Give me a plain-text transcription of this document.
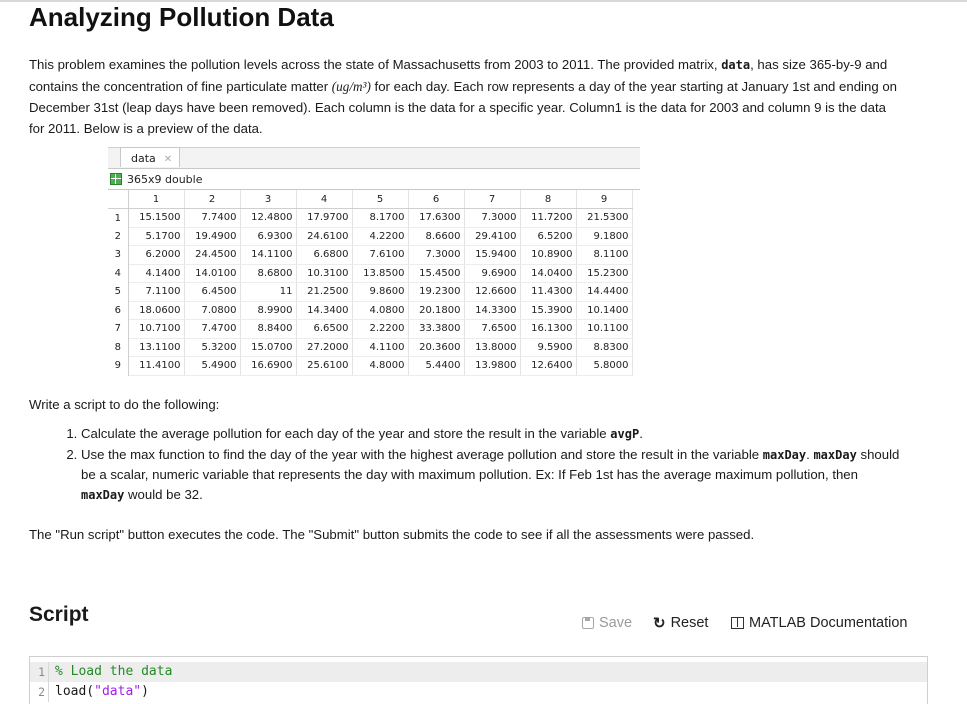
Analyzing Pollution Data

This problem examines the pollution levels across the state of Massachusetts from 2003 to 2011. The provided matrix, data, has size 365-by-9 and contains the concentration of fine particulate matter (ug/m³) for each day. Each row represents a day of the year starting at January 1st and ending on December 31st (leap days have been removed). Each column is the data for a specific year. Column1 is the data for 2003 and column 9 is the data for 2011. Below is a preview of the data.

data ✕
365x9 double
	1	2	3	4	5	6	7	8	9
1	15.1500	7.7400	12.4800	17.9700	8.1700	17.6300	7.3000	11.7200	21.5300
2	5.1700	19.4900	6.9300	24.6100	4.2200	8.6600	29.4100	6.5200	9.1800
3	6.2000	24.4500	14.1100	6.6800	7.6100	7.3000	15.9400	10.8900	8.1100
4	4.1400	14.0100	8.6800	10.3100	13.8500	15.4500	9.6900	14.0400	15.2300
5	7.1100	6.4500	11	21.2500	9.8600	19.2300	12.6600	11.4300	14.4400
6	18.0600	7.0800	8.9900	14.3400	4.0800	20.1800	14.3300	15.3900	10.1400
7	10.7100	7.4700	8.8400	6.6500	2.2200	33.3800	7.6500	16.1300	10.1100
8	13.1100	5.3200	15.0700	27.2000	4.1100	20.3600	13.8000	9.5900	8.8300
9	11.4100	5.4900	16.6900	25.6100	4.8000	5.4400	13.9800	12.6400	5.8000

Write a script to do the following:

1. Calculate the average pollution for each day of the year and store the result in the variable avgP.
2. Use the max function to find the day of the year with the highest average pollution and store the result in the variable maxDay. maxDay should be a scalar, numeric variable that represents the day with maximum pollution. Ex: If Feb 1st has the average maximum pollution, then maxDay would be 32.

The "Run script" button executes the code. The "Submit" button submits the code to see if all the assessments were passed.

Script	Save ↻ Reset	MATLAB Documentation
1 % Load the data
2 load("data")
